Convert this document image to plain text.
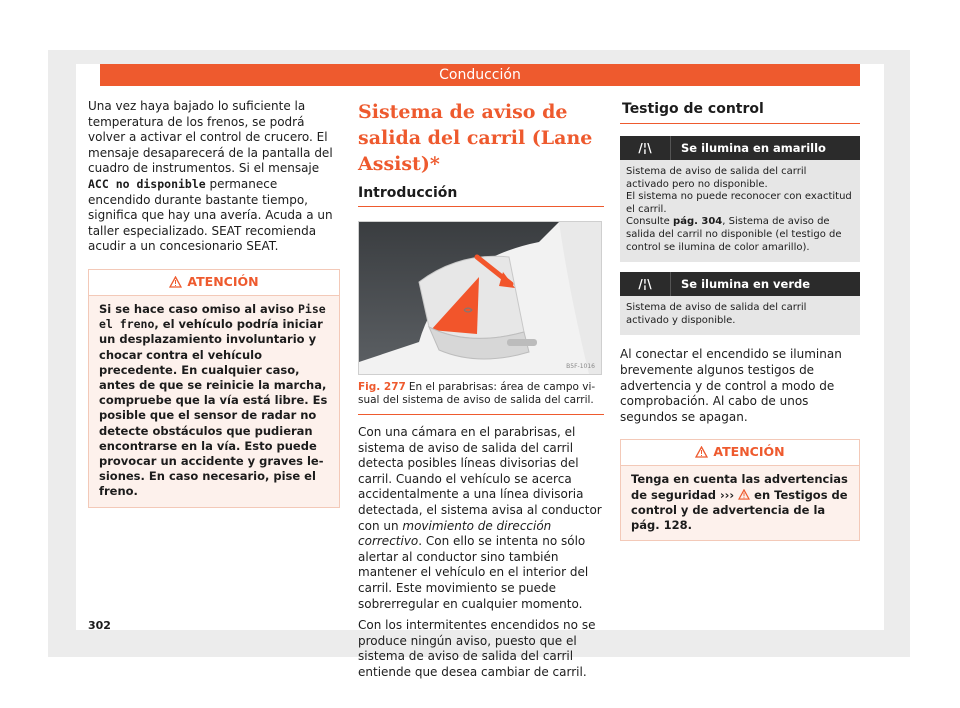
Conducción

Una vez haya bajado lo suficiente la temperatura de los frenos, se podrá volver a activar el control de crucero. El mensaje desaparecerá de la pantalla del cuadro de instrumentos. Si el mensaje ACC no disponible permanece encendido durante bastante tiempo, significa que hay una avería. Acuda a un taller especializado. SEAT recomienda acudir a un concesionario SEAT.

ATENCIÓN
Si se hace caso omiso al aviso Pise el freno, el vehículo podría iniciar un desplazamiento involuntario y chocar contra el vehículo precedente. En cualquier caso, antes de que se reinicie la marcha, compruebe que la vía está libre. Es posible que el sensor de radar no detecte obstáculos que pudieran encontrarse en la vía. Esto puede provocar un accidente y graves lesiones. En caso necesario, pise el freno.
Sistema de aviso de salida del carril (Lane Assist)*
Introducción
B5F-1016
Fig. 277 En el parabrisas: área de campo visual del sistema de aviso de salida del carril.

Con una cámara en el parabrisas, el sistema de aviso de salida del carril detecta posibles líneas divisorias del carril. Cuando el vehículo se acerca accidentalmente a una línea divisoria detectada, el sistema avisa al conductor con un movimiento de dirección correctivo. Con ello se intenta no sólo alertar al conductor sino también mantener el vehículo en el interior del carril. Este movimiento se puede sobrerregular en cualquier momento.

Con los intermitentes encendidos no se produce ningún aviso, puesto que el sistema de aviso de salida del carril entiende que desea cambiar de carril.

Testigo de control
/¦\	Se ilumina en amarillo
Sistema de aviso de salida del carril activado pero no disponible.
El sistema no puede reconocer con exactitud el carril.
Consulte pág. 304, Sistema de aviso de salida del carril no disponible (el testigo de control se ilumina de color amarillo).
/¦\	Se ilumina en verde
Sistema de aviso de salida del carril activado y disponible.

Al conectar el encendido se iluminan brevemente algunos testigos de advertencia y de control a modo de comprobación. Al cabo de unos segundos se apagan.

ATENCIÓN
Tenga en cuenta las advertencias de seguridad ›››  en Testigos de control y de advertencia de la pág. 128.
302
